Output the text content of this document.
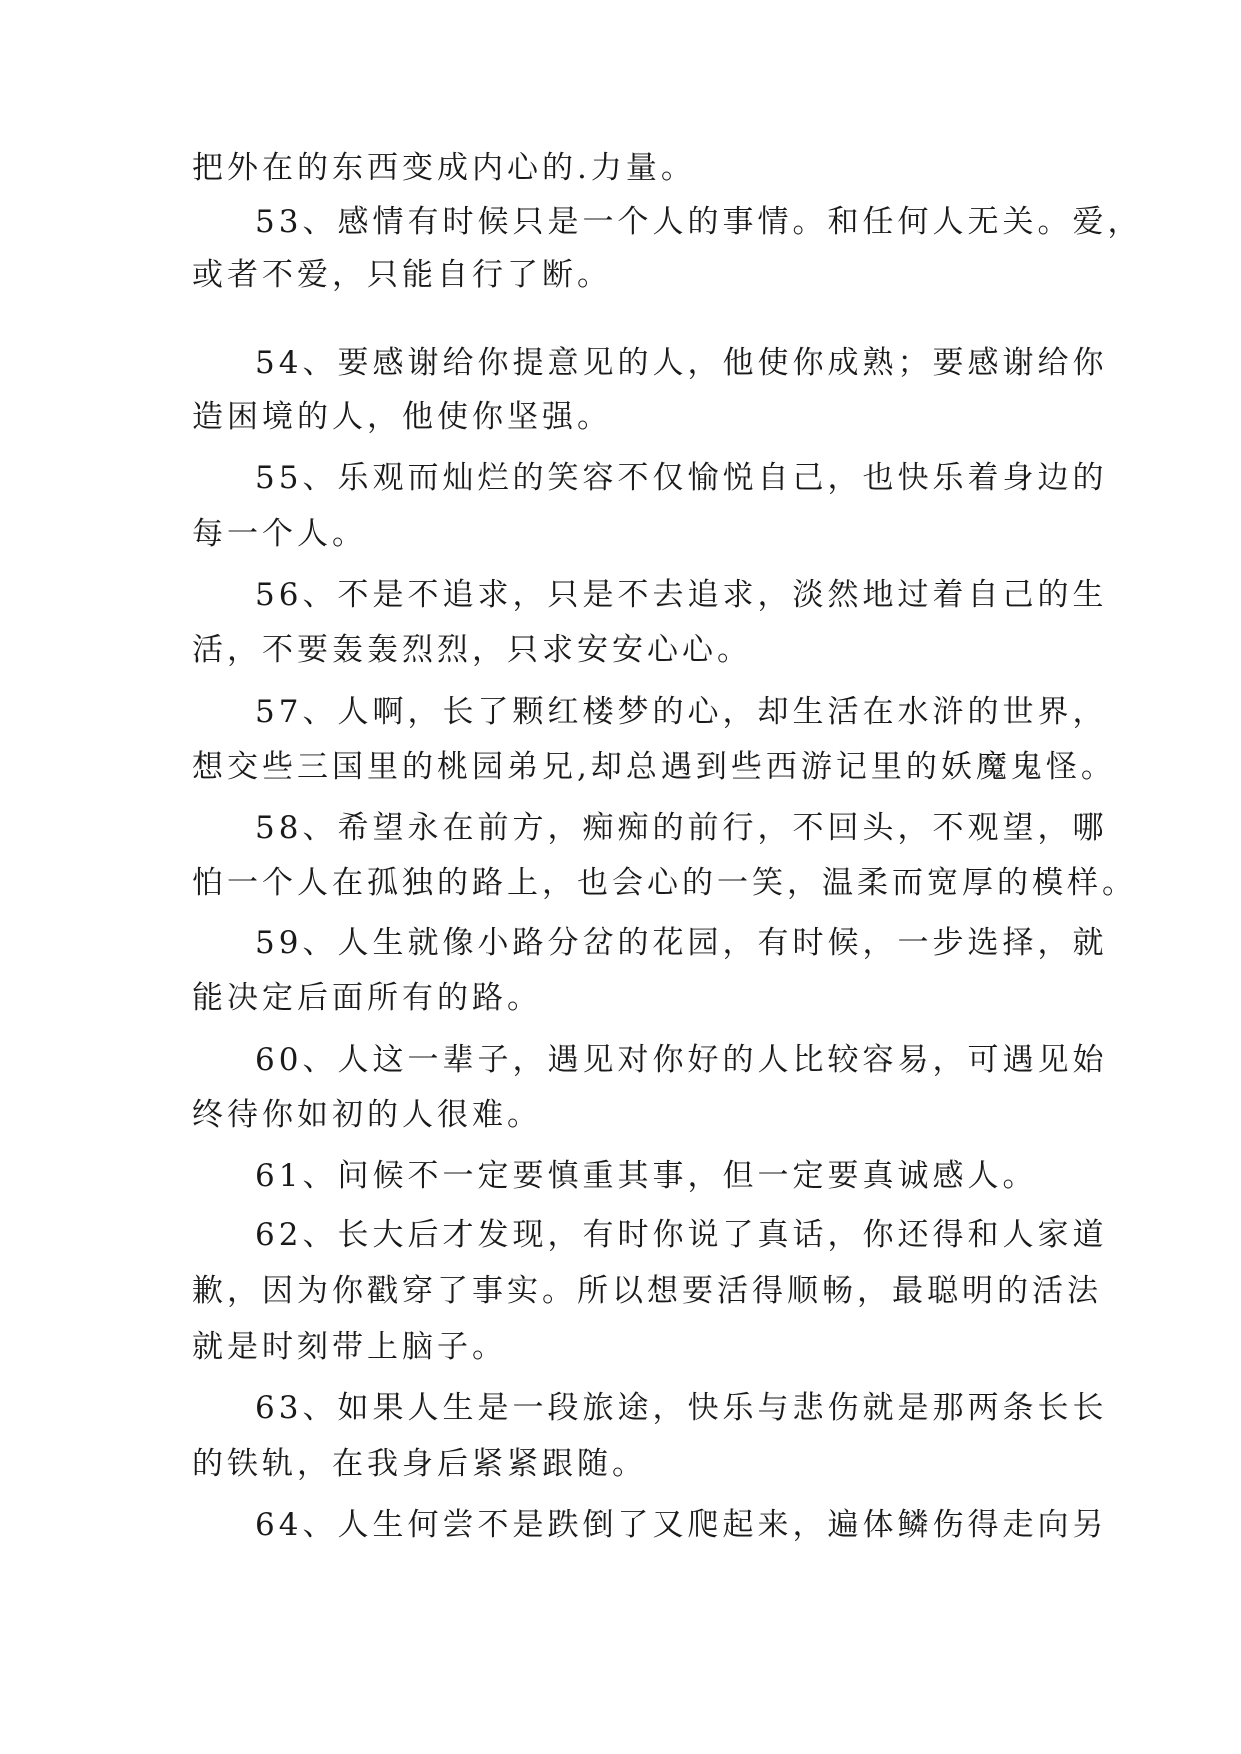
把外在的东西变成内心的.力量。
53、感情有时候只是一个人的事情。和任何人无关。爱，
或者不爱，只能自行了断。
54、要感谢给你提意见的人，他使你成熟；要感谢给你
造困境的人，他使你坚强。
55、乐观而灿烂的笑容不仅愉悦自己，也快乐着身边的
每一个人。
56、不是不追求，只是不去追求，淡然地过着自己的生
活，不要轰轰烈烈，只求安安心心。
57、人啊，长了颗红楼梦的心，却生活在水浒的世界，
想交些三国里的桃园弟兄,却总遇到些西游记里的妖魔鬼怪。
58、希望永在前方，痴痴的前行，不回头，不观望，哪
怕一个人在孤独的路上，也会心的一笑，温柔而宽厚的模样。
59、人生就像小路分岔的花园，有时候，一步选择，就
能决定后面所有的路。
60、人这一辈子，遇见对你好的人比较容易，可遇见始
终待你如初的人很难。
61、问候不一定要慎重其事，但一定要真诚感人。
62、长大后才发现，有时你说了真话，你还得和人家道
歉，因为你戳穿了事实。所以想要活得顺畅，最聪明的活法
就是时刻带上脑子。
63、如果人生是一段旅途，快乐与悲伤就是那两条长长
的铁轨，在我身后紧紧跟随。
64、人生何尝不是跌倒了又爬起来，遍体鳞伤得走向另
